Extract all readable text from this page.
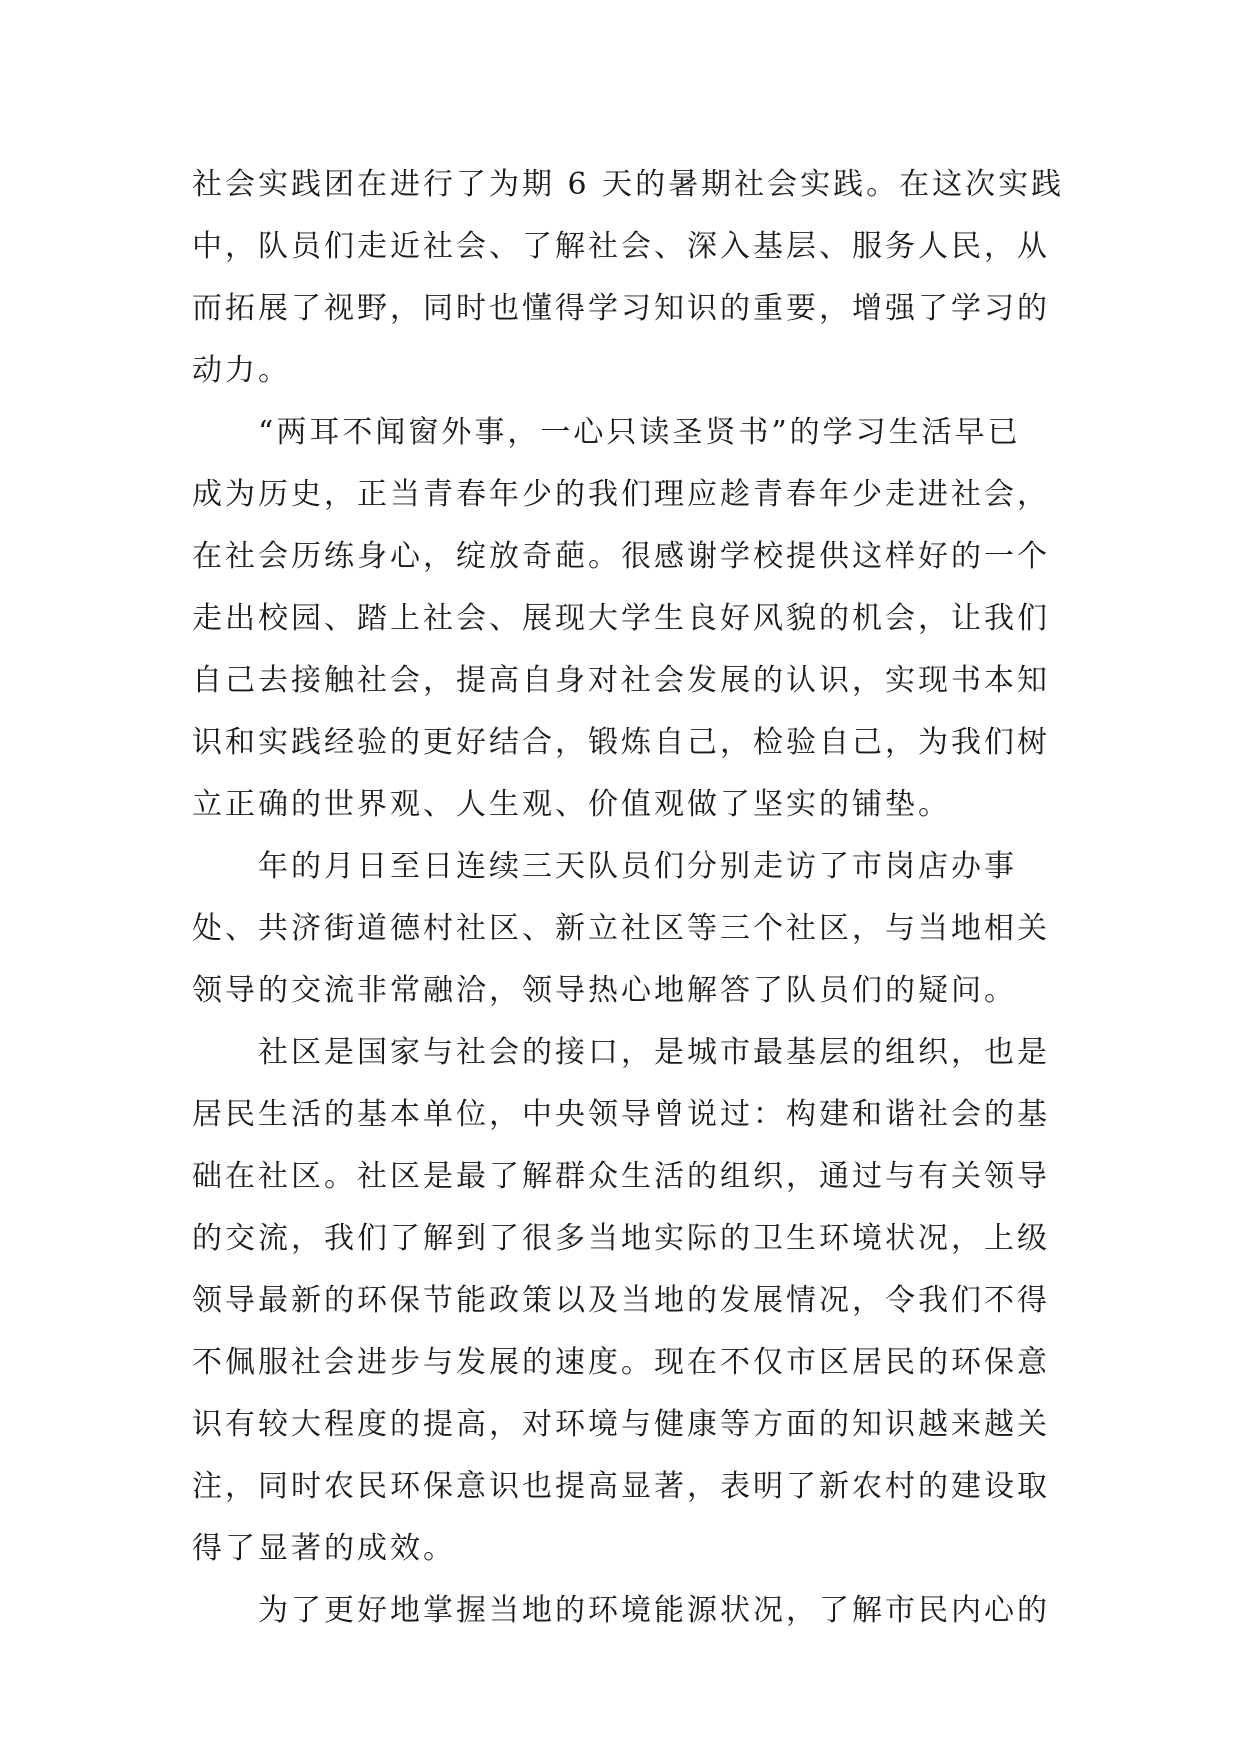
社会实践团在进行了为期 6 天的暑期社会实践。在这次实践
中，队员们走近社会、了解社会、深入基层、服务人民，从
而拓展了视野，同时也懂得学习知识的重要，增强了学习的
动力。
“两耳不闻窗外事，一心只读圣贤书”的学习生活早已
成为历史，正当青春年少的我们理应趁青春年少走进社会，
在社会历练身心，绽放奇葩。很感谢学校提供这样好的一个
走出校园、踏上社会、展现大学生良好风貌的机会，让我们
自己去接触社会，提高自身对社会发展的认识，实现书本知
识和实践经验的更好结合，锻炼自己，检验自己，为我们树
立正确的世界观、人生观、价值观做了坚实的铺垫。
年的月日至日连续三天队员们分别走访了市岗店办事
处、共济街道德村社区、新立社区等三个社区，与当地相关
领导的交流非常融洽，领导热心地解答了队员们的疑问。
社区是国家与社会的接口，是城市最基层的组织，也是
居民生活的基本单位，中央领导曾说过：构建和谐社会的基
础在社区。社区是最了解群众生活的组织，通过与有关领导
的交流，我们了解到了很多当地实际的卫生环境状况，上级
领导最新的环保节能政策以及当地的发展情况，令我们不得
不佩服社会进步与发展的速度。现在不仅市区居民的环保意
识有较大程度的提高，对环境与健康等方面的知识越来越关
注，同时农民环保意识也提高显著，表明了新农村的建设取
得了显著的成效。
为了更好地掌握当地的环境能源状况，了解市民内心的
